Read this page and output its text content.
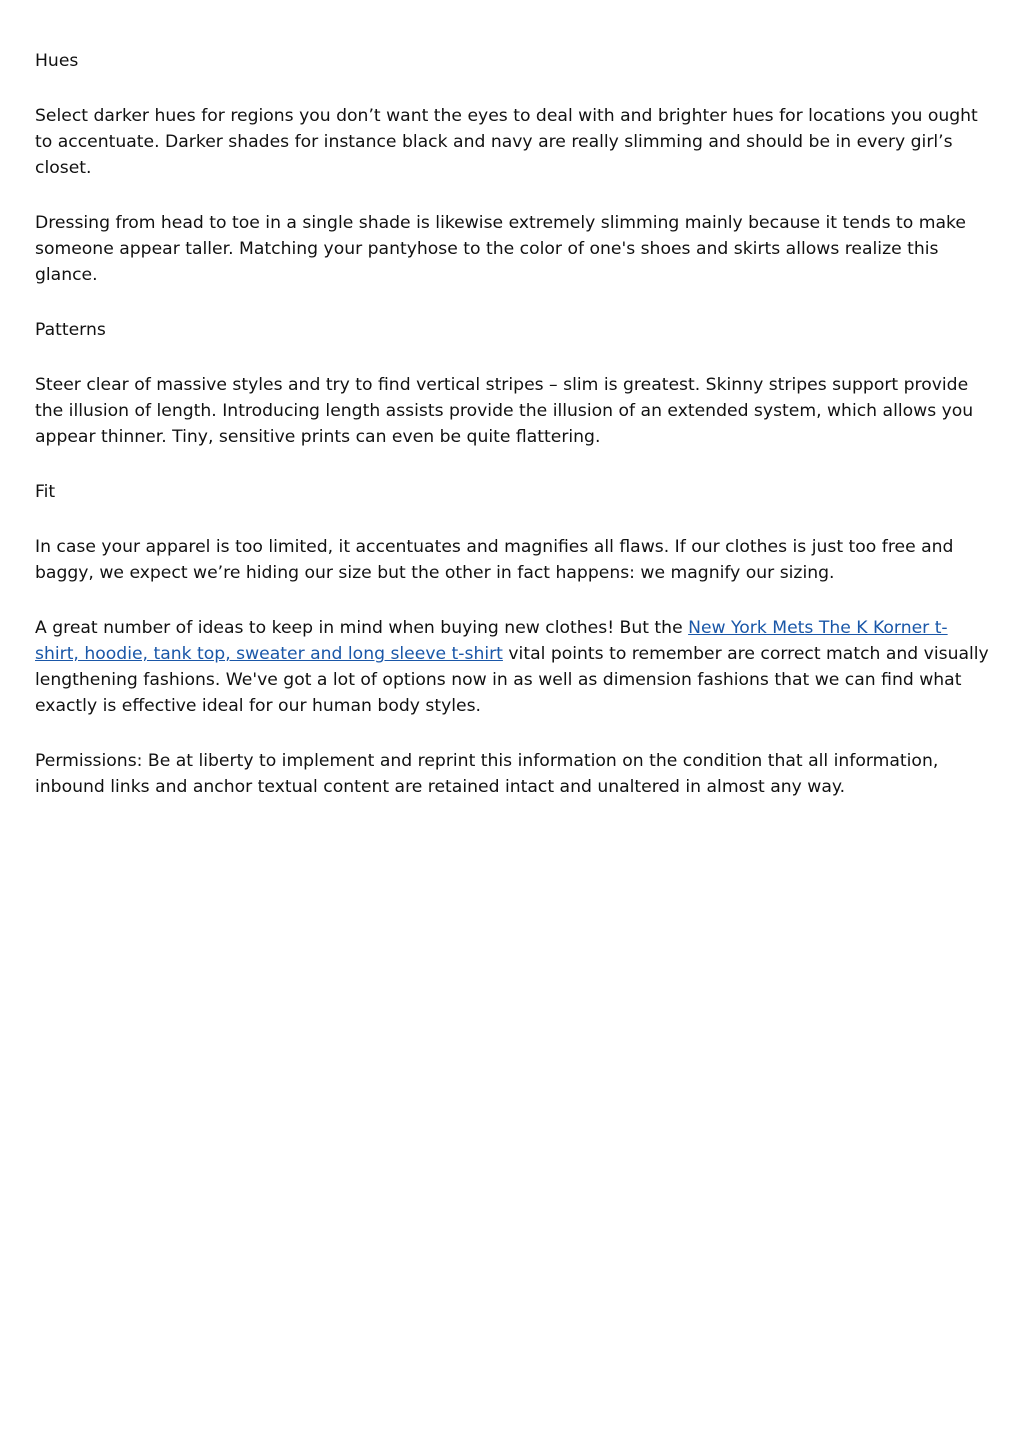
Hues

Select darker hues for regions you don’t want the eyes to deal with and brighter hues for locations you ought to accentuate. Darker shades for instance black and navy are really slimming and should be in every girl’s closet.

Dressing from head to toe in a single shade is likewise extremely slimming mainly because it tends to make someone appear taller. Matching your pantyhose to the color of one's shoes and skirts allows realize this glance.

Patterns

Steer clear of massive styles and try to find vertical stripes – slim is greatest. Skinny stripes support provide the illusion of length. Introducing length assists provide the illusion of an extended system, which allows you appear thinner. Tiny, sensitive prints can even be quite flattering.

Fit

In case your apparel is too limited, it accentuates and magnifies all flaws. If our clothes is just too free and baggy, we expect we’re hiding our size but the other in fact happens: we magnify our sizing.

A great number of ideas to keep in mind when buying new clothes! But the New York Mets The K Korner t-shirt, hoodie, tank top, sweater and long sleeve t-shirt vital points to remember are correct match and visually lengthening fashions. We've got a lot of options now in as well as dimension fashions that we can find what exactly is effective ideal for our human body styles.

Permissions: Be at liberty to implement and reprint this information on the condition that all information, inbound links and anchor textual content are retained intact and unaltered in almost any way.
